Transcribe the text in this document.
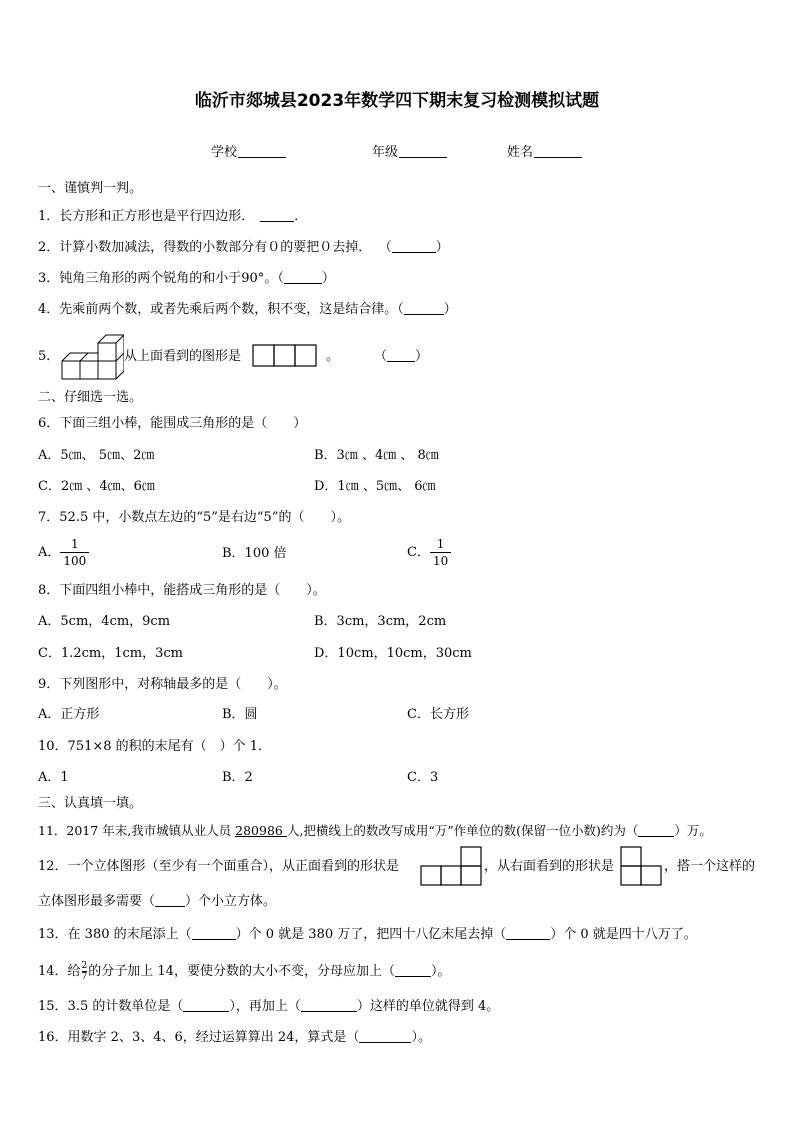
临沂市郯城县2023年数学四下期末复习检测模拟试题
学校	年级	姓名
一、谨慎判一判。
1．长方形和正方形也是平行四边形．	．
2．计算小数加减法，得数的小数部分有０的要把０去掉． （	）
3．钝角三角形的两个锐角的和小于90°。（	）
4．先乘前两个数，或者先乘后两个数，积不变，这是结合律。（	）
5．	从上面看到的图形是	。	（ ）
二、仔细选一选。
6．下面三组小棒，能围成三角形的是（　　）
A．5㎝、 5㎝、2㎝	B．3㎝ 、4㎝ 、 8㎝
C．2㎝ 、4㎝、6㎝	D．1㎝ 、5㎝、 6㎝
7．52.5 中，小数点左边的“5”是右边“5”的（　　）。
A． $\frac{1}{100}$	B．100 倍	C． $\frac{1}{10}$
8．下面四组小棒中，能搭成三角形的是（　　）。
A．5cm，4cm，9cm	B．3cm，3cm，2cm
C．1.2cm，1cm，3cm	D．10cm，10cm，30cm
9．下列图形中，对称轴最多的是（　　）。
A．正方形	B．圆	C．长方形
10．751×8 的积的末尾有（　）个 1．
A．1	B．2	C．3
三、认真填一填。
11．2017 年末,我市城镇从业人员 280986 人,把横线上的数改写成用“万”作单位的数(保留一位小数)约为（	）万。
12．一个立体图形（至少有一个面重合），从正面看到的形状是	，从右面看到的形状是	，搭一个这样的
立体图形最多需要（ ）个小立方体。
13．在 380 的末尾添上（	）个 0 就是 380 万了，把四十八亿末尾去掉（	）个 0 就是四十八万了。
14．给 $\frac{2}{7}$ 的分子加上 14，要使分数的大小不变，分母应加上（	）。
15．3.5 的计数单位是（	），再加上（	）这样的单位就得到 4。
16．用数字 2、3、4、6，经过运算算出 24，算式是（	）。
